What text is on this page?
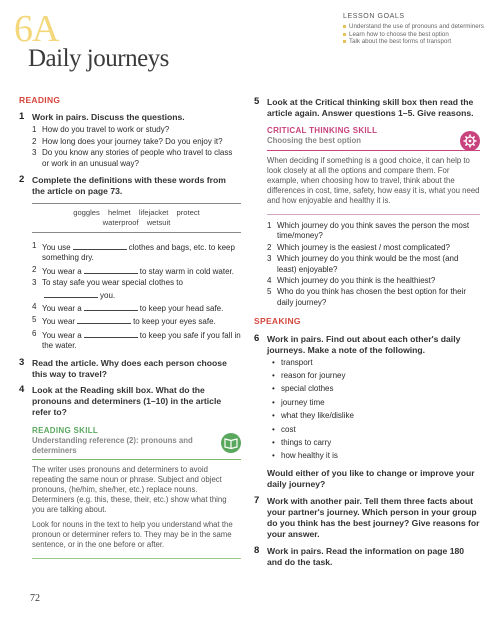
6A
Daily journeys
LESSON GOALS
Understand the use of pronouns and determiners
Learn how to choose the best option
Talk about the best forms of transport
READING
1 Work in pairs. Discuss the questions.
1 How do you travel to work or study?
2 How long does your journey take? Do you enjoy it?
3 Do you know any stories of people who travel to class or work in an unusual way?
2 Complete the definitions with these words from the article on page 73.
goggles helmet lifejacket protect
waterproof wetsuit
1 You use	clothes and bags, etc. to keep something dry.
2 You wear a	to stay warm in cold water.
3 To stay safe you wear special clothes to
you.
4 You wear a	to keep your head safe.
5 You wear	to keep your eyes safe.
6 You wear a	to keep you safe if you fall in the water.
3 Read the article. Why does each person choose this way to travel?
4 Look at the Reading skill box. What do the pronouns and determiners (1–10) in the article refer to?
READING SKILL
Understanding reference (2): pronouns and determiners

The writer uses pronouns and determiners to avoid repeating the same noun or phrase. Subject and object pronouns, (he/him, she/her, etc.) replace nouns. Determiners (e.g. this, these, their, etc.) show what thing you are talking about.

Look for nouns in the text to help you understand what the pronoun or determiner refers to. They may be in the same sentence, or in the one before or after.

5 Look at the Critical thinking skill box then read the article again. Answer questions 1–5. Give reasons.
CRITICAL THINKING SKILL
Choosing the best option

When deciding if something is a good choice, it can help to look closely at all the options and compare them. For example, when choosing how to travel, think about the differences in cost, time, safety, how easy it is, what you need and how enjoyable and healthy it is.

1 Which journey do you think saves the person the most time/money?
2 Which journey is the easiest / most complicated?
3 Which journey do you think would be the most (and least) enjoyable?
4 Which journey do you think is the healthiest?
5 Who do you think has chosen the best option for their daily journey?
SPEAKING
6 Work in pairs. Find out about each other's daily journeys. Make a note of the following.
• transport
• reason for journey
• special clothes
• journey time
• what they like/dislike
• cost
• things to carry
• how healthy it is
Would either of you like to change or improve your daily journey?
7 Work with another pair. Tell them three facts about your partner's journey. Which person in your group do you think has the best journey? Give reasons for your answer.
8 Work in pairs. Read the information on page 180 and do the task.
72
